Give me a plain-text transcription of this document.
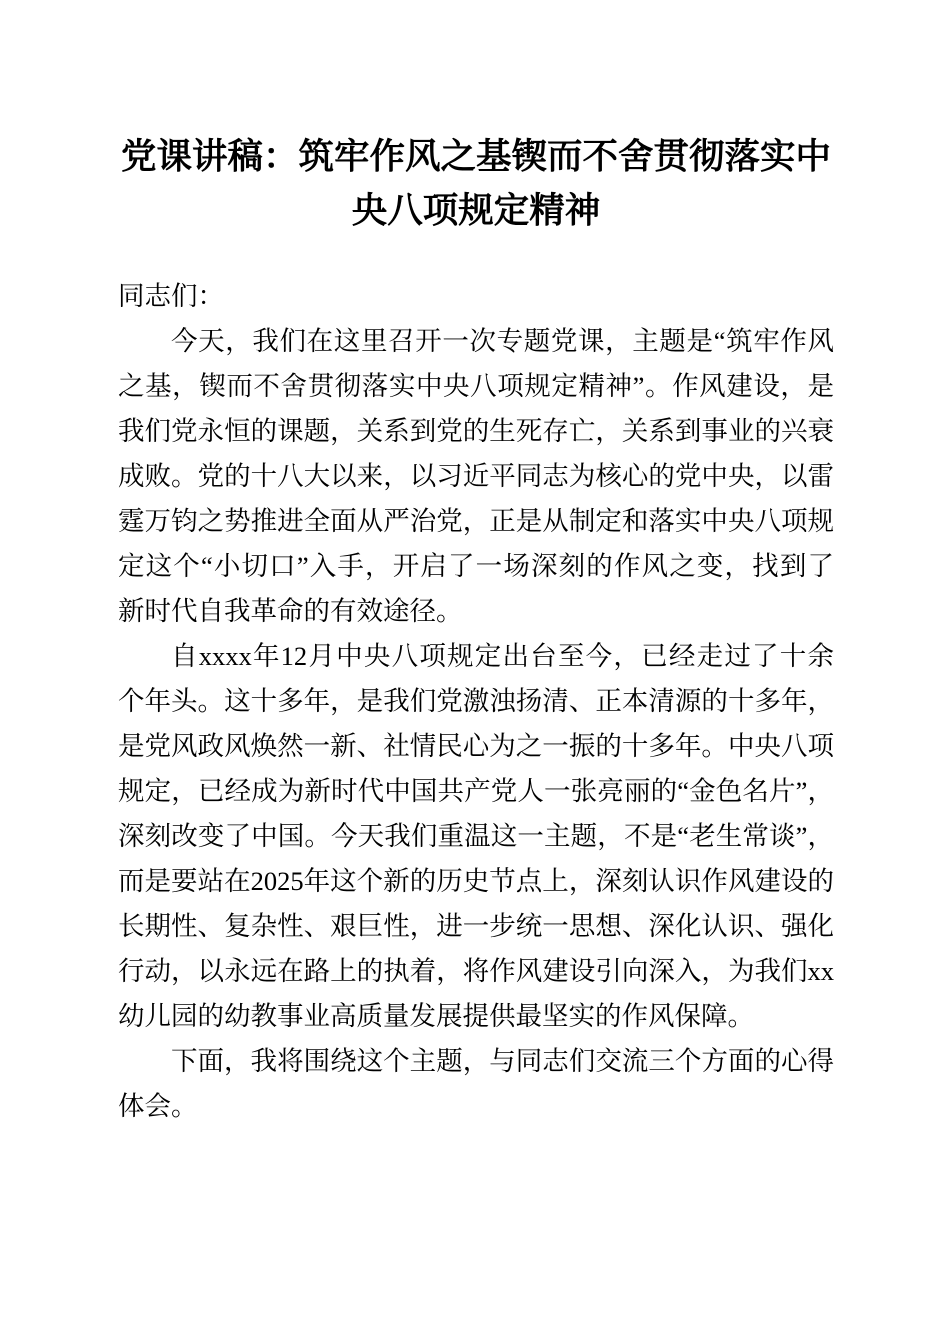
党课讲稿：筑牢作风之基锲而不舍贯彻落实中
央八项规定精神
同志们：
今天，我们在这里召开一次专题党课，主题是“筑牢作风
之基，锲而不舍贯彻落实中央八项规定精神”。作风建设，是
我们党永恒的课题，关系到党的生死存亡，关系到事业的兴衰
成败。党的十八大以来，以习近平同志为核心的党中央，以雷
霆万钧之势推进全面从严治党，正是从制定和落实中央八项规
定这个“小切口”入手，开启了一场深刻的作风之变，找到了
新时代自我革命的有效途径。
自xxxx年12月中央八项规定出台至今，已经走过了十余
个年头。这十多年，是我们党激浊扬清、正本清源的十多年，
是党风政风焕然一新、社情民心为之一振的十多年。中央八项
规定，已经成为新时代中国共产党人一张亮丽的“金色名片”，
深刻改变了中国。今天我们重温这一主题，不是“老生常谈”，
而是要站在2025年这个新的历史节点上，深刻认识作风建设的
长期性、复杂性、艰巨性，进一步统一思想、深化认识、强化
行动，以永远在路上的执着，将作风建设引向深入，为我们xx
幼儿园的幼教事业高质量发展提供最坚实的作风保障。
下面，我将围绕这个主题，与同志们交流三个方面的心得
体会。
